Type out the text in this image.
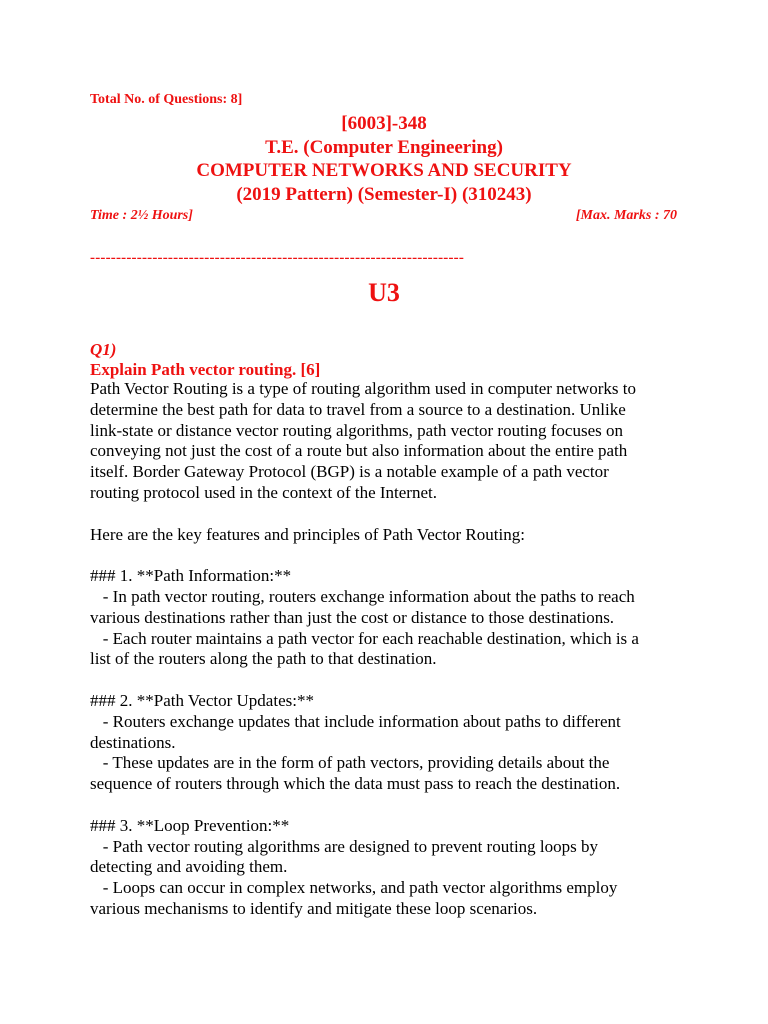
Total No. of Questions: 8]
[6003]-348
T.E. (Computer Engineering)
COMPUTER NETWORKS AND SECURITY
(2019 Pattern) (Semester-I) (310243)
Time : 2½ Hours]	[Max. Marks : 70
------------------------------------------------------------------------
U3
Q1)
Explain Path vector routing. [6]

Path Vector Routing is a type of routing algorithm used in computer networks to

determine the best path for data to travel from a source to a destination. Unlike

link-state or distance vector routing algorithms, path vector routing focuses on

conveying not just the cost of a route but also information about the entire path

itself. Border Gateway Protocol (BGP) is a notable example of a path vector

routing protocol used in the context of the Internet.

Here are the key features and principles of Path Vector Routing:

### 1. **Path Information:**

- In path vector routing, routers exchange information about the paths to reach

various destinations rather than just the cost or distance to those destinations.

- Each router maintains a path vector for each reachable destination, which is a

list of the routers along the path to that destination.

### 2. **Path Vector Updates:**

- Routers exchange updates that include information about paths to different

destinations.

- These updates are in the form of path vectors, providing details about the

sequence of routers through which the data must pass to reach the destination.

### 3. **Loop Prevention:**

- Path vector routing algorithms are designed to prevent routing loops by

detecting and avoiding them.

- Loops can occur in complex networks, and path vector algorithms employ

various mechanisms to identify and mitigate these loop scenarios.
